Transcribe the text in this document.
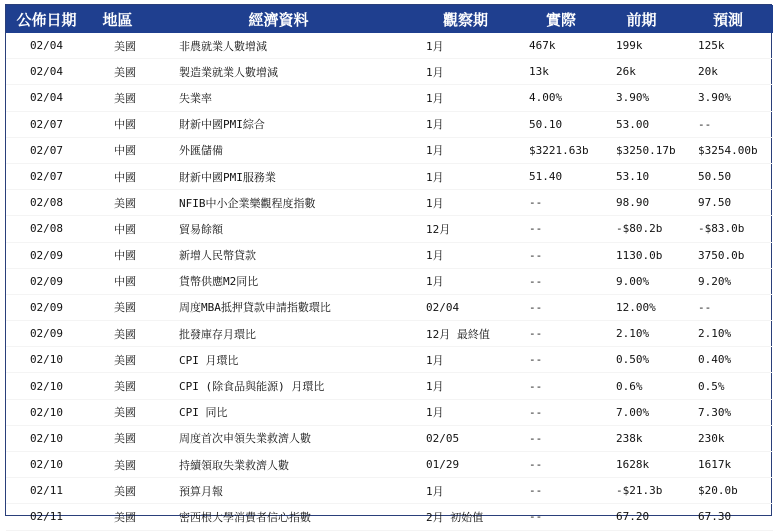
公佈日期	地區	經濟資料	觀察期	實際	前期	預測
02/04	美國	非農就業人數增減	1月	467k	199k	125k
02/04	美國	製造業就業人數增減	1月	13k	26k	20k
02/04	美國	失業率	1月	4.00%	3.90%	3.90%
02/07	中國	財新中國PMI綜合	1月	50.10	53.00	--
02/07	中國	外匯儲備	1月	$3221.63b	$3250.17b	$3254.00b
02/07	中國	財新中國PMI服務業	1月	51.40	53.10	50.50
02/08	美國	NFIB中小企業樂觀程度指數	1月	--	98.90	97.50
02/08	中國	貿易餘額	12月	--	-$80.2b	-$83.0b
02/09	中國	新增人民幣貸款	1月	--	1130.0b	3750.0b
02/09	中國	貨幣供應M2同比	1月	--	9.00%	9.20%
02/09	美國	周度MBA抵押貸款申請指數環比	02/04	--	12.00%	--
02/09	美國	批發庫存月環比	12月 最終值	--	2.10%	2.10%
02/10	美國	CPI 月環比	1月	--	0.50%	0.40%
02/10	美國	CPI (除食品與能源) 月環比	1月	--	0.6%	0.5%
02/10	美國	CPI 同比	1月	--	7.00%	7.30%
02/10	美國	周度首次申領失業救濟人數	02/05	--	238k	230k
02/10	美國	持續領取失業救濟人數	01/29	--	1628k	1617k
02/11	美國	預算月報	1月	--	-$21.3b	$20.0b
02/11	美國	密西根大學消費者信心指數	2月 初始值	--	67.20	67.30
